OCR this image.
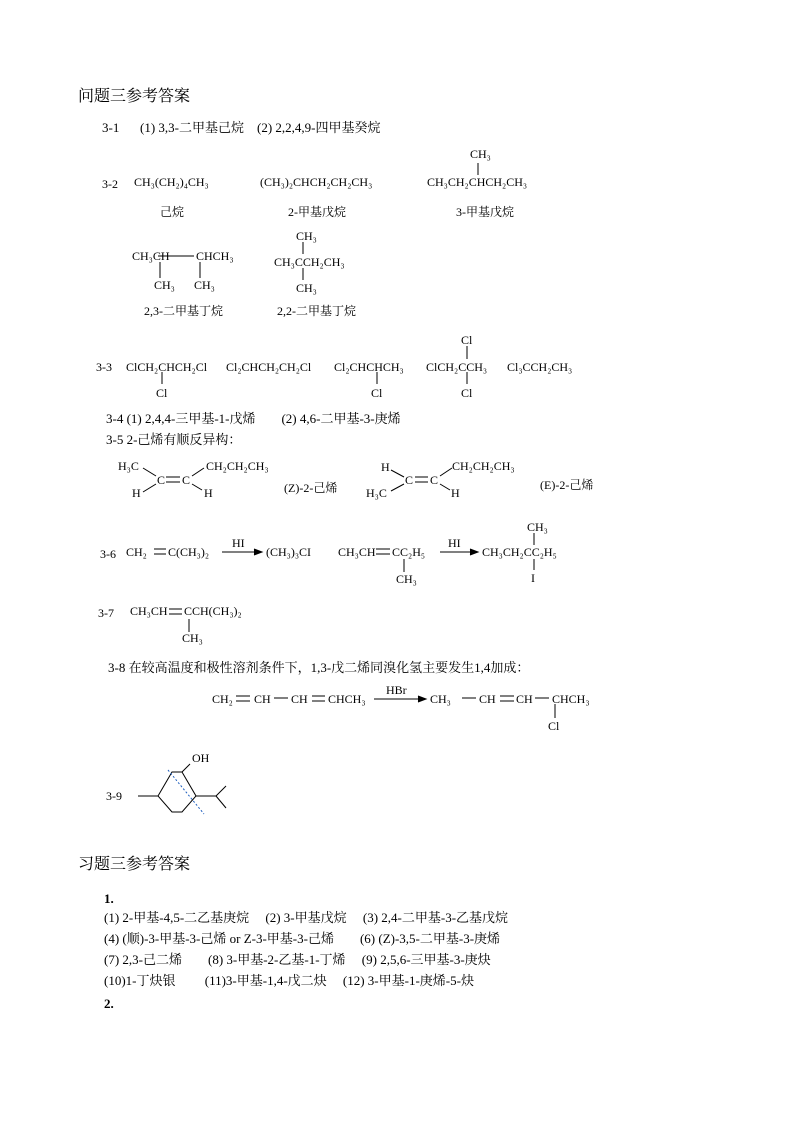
问题三参考答案
3-1 (1) 3,3-二甲基己烷　(2) 2,2,4,9-四甲基癸烷
3-2 CH₃(CH₂)₄CH₃
己烷
(CH₃)₂CHCH₂CH₂CH₃
2-甲基戊烷
CH₃
CH₃CH₂CHCH₂CH₃
3-甲基戊烷
CH₃CH CHCH₃
CH₃ CH₃
2,3-二甲基丁烷
CH₃
CH₃CCH₂CH₃
CH₃
2,2-二甲基丁烷
3-3 ClCH₂CHCH₂Cl
Cl
Cl₂CHCH₂CH₂Cl Cl₂CHCHCH₃
Cl
Cl
ClCH₂CCH₃
Cl
Cl₃CCH₂CH₃
3-4 (1) 2,4,4-三甲基-1-戊烯　　(2) 4,6-二甲基-3-庚烯
3-5 2-己烯有顺反异构：
H₃C	CH₂CH₂CH₃
C C
H	H	(Z)-2-己烯
H	CH₂CH₂CH₃
C C
H₃C	H
(E)-2-己烯
3-6 CH₂ C(CH₃)₂
HI
(CH₃)₃CI CH₃CH CC₂H₅
CH₃
HI
CH₃
CH₃CH₂CC₂H₅
I
3-7 CH₃CH CCH(CH₃)₂
CH₃
3-8 在较高温度和极性溶剂条件下，1,3-戊二烯同溴化氢主要发生1,4加成：
CH₂ CH CH CHCH₃
HBr
CH₃ CH CH CHCH₃
Cl
3-9
OH
习题三参考答案
1.
(1) 2-甲基-4,5-二乙基庚烷　 (2) 3-甲基戊烷　 (3) 2,4-二甲基-3-乙基戊烷
(4) (顺)-3-甲基-3-己烯 or Z-3-甲基-3-己烯　　(6) (Z)-3,5-二甲基-3-庚烯
(7) 2,3-己二烯　　(8) 3-甲基-2-乙基-1-丁烯　 (9) 2,5,6-三甲基-3-庚炔
(10)1-丁炔银　　 (11)3-甲基-1,4-戊二炔　 (12) 3-甲基-1-庚烯-5-炔
2.
